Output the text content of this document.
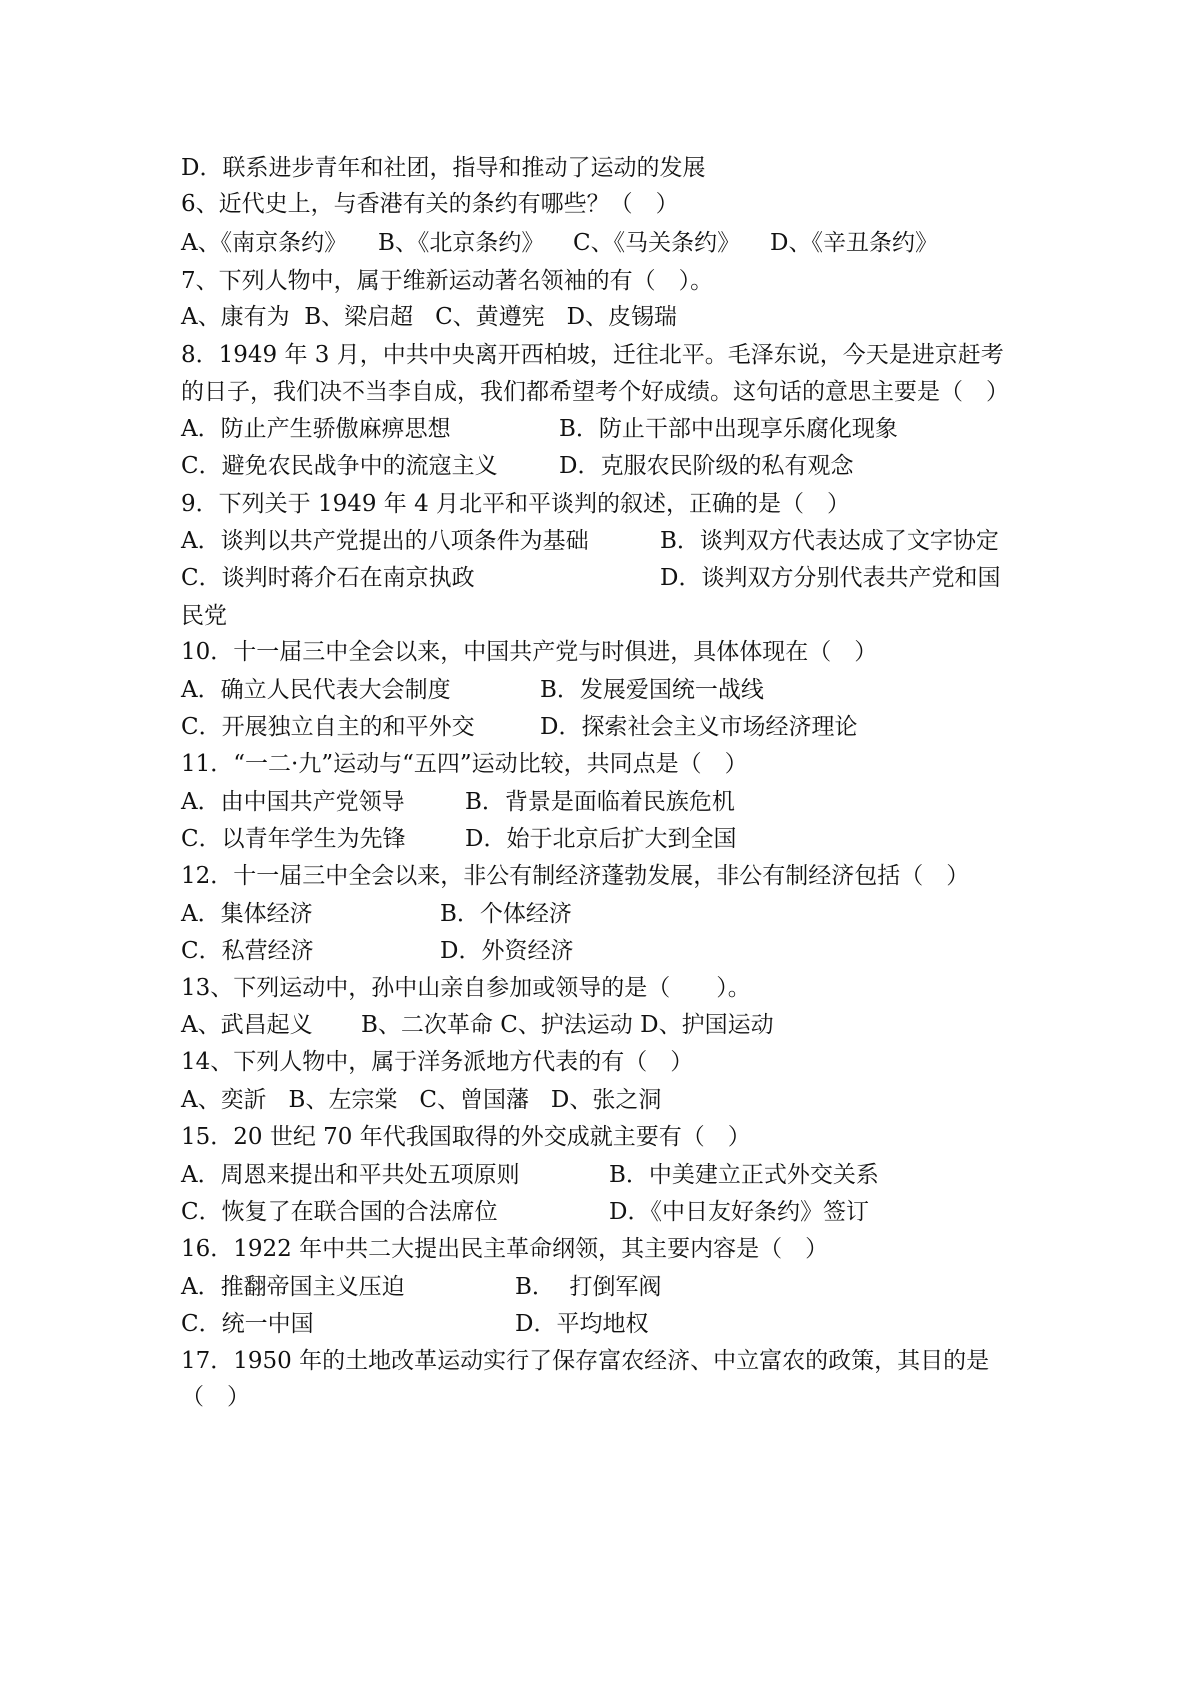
D．联系进步青年和社团，指导和推动了运动的发展
6、近代史上，与香港有关的条约有哪些？（　）
A、《南京条约》 B、《北京条约》 C、《马关条约》 D、《辛丑条约》
7、下列人物中，属于维新运动著名领袖的有（　）。
A、康有为  B、梁启超   C、黄遵宪   D、皮锡瑞
8．1949 年 3 月，中共中央离开西柏坡，迁往北平。毛泽东说，今天是进京赶考
的日子，我们决不当李自成，我们都希望考个好成绩。这句话的意思主要是（　）
A．防止产生骄傲麻痹思想	B．防止干部中出现享乐腐化现象
C．避免农民战争中的流寇主义	D．克服农民阶级的私有观念
9．下列关于 1949 年 4 月北平和平谈判的叙述，正确的是（　）
A．谈判以共产党提出的八项条件为基础	B．谈判双方代表达成了文字协定
C．谈判时蒋介石在南京执政	D．谈判双方分别代表共产党和国
民党
10．十一届三中全会以来，中国共产党与时俱进，具体体现在（　）
A．确立人民代表大会制度	B．发展爱国统一战线
C．开展独立自主的和平外交	D．探索社会主义市场经济理论
11．“一二·九”运动与“五四”运动比较，共同点是（　）
A．由中国共产党领导	B．背景是面临着民族危机
C．以青年学生为先锋	D．始于北京后扩大到全国
12．十一届三中全会以来，非公有制经济蓬勃发展，非公有制经济包括（　）
A．集体经济	B．个体经济
C．私营经济	D．外资经济
13、下列运动中，孙中山亲自参加或领导的是（　　）。
A、武昌起义 B、二次革命 C、护法运动 D、护国运动
14、下列人物中，属于洋务派地方代表的有（　）
A、奕訢   B、左宗棠   C、曾国藩   D、张之洞
15．20 世纪 70 年代我国取得的外交成就主要有（　）
A．周恩来提出和平共处五项原则	B．中美建立正式外交关系
C．恢复了在联合国的合法席位	D．《中日友好条约》签订
16．1922 年中共二大提出民主革命纲领，其主要内容是（　）
A．推翻帝国主义压迫	B．  打倒军阀
C．统一中国	D．平均地权
17．1950 年的土地改革运动实行了保存富农经济、中立富农的政策，其目的是
（　）
